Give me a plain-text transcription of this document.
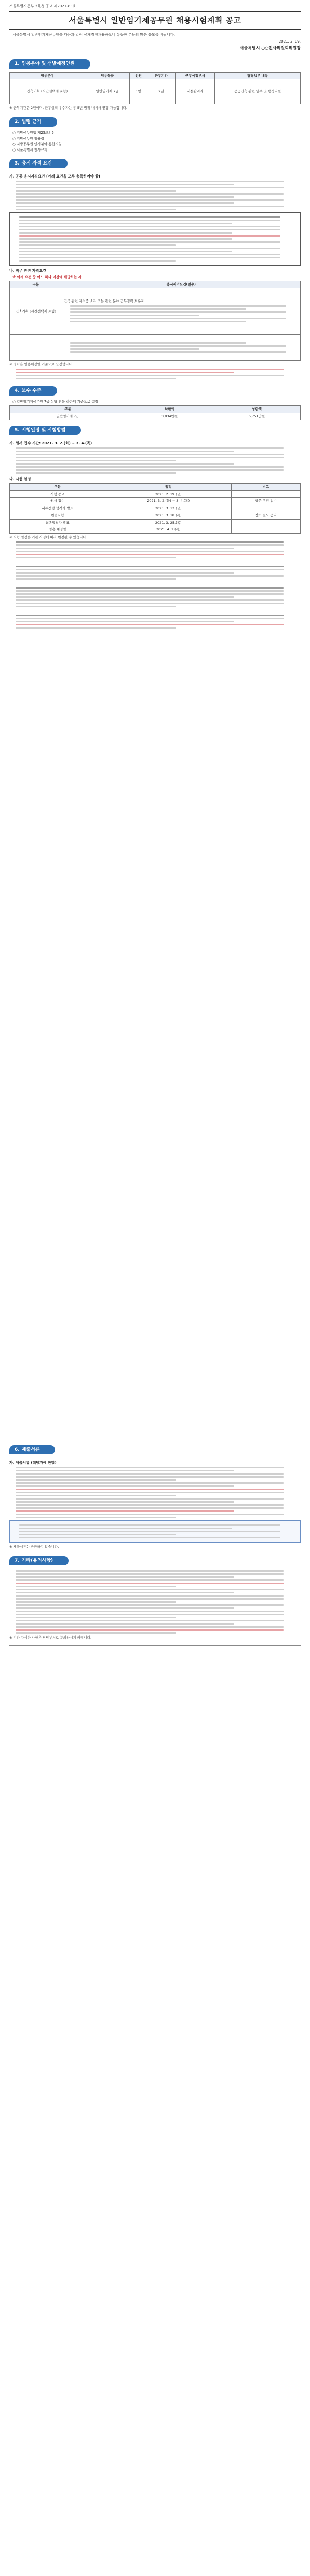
서울특별시동부교육청 공고 제2021-83호
서울특별시 일반임기제공무원 채용시험계획 공고
서울특별시 일반임기제공무원을 다음과 같이 공개경쟁채용하오니 유능한 분들의 많은 응모를 바랍니다.
2021. 2. 19.
서울특별시 ○○인사위원회위원장
1. 임용분야 및 선발예정인원
임용분야	임용등급	인원	근무기간	근무예정부서	담당업무 내용
건축기획 (시간선택제 포함)	일반임기제 7급	1명	2년	시설관리과	공공건축 관련 업무 및 행정지원
※ 근무기간은 2년이며, 근무실적 우수자는 총 5년 범위 내에서 연장 가능합니다.
2. 법령 근거
○ 지방공무원법 제25조의5
○ 지방공무원 임용령
○ 지방공무원 인사분야 통합지침
○ 서울특별시 인사규칙
3. 응시 자격 요건
가. 공통 응시자격요건 (아래 요건을 모두 충족하여야 함)
나. 직무 관련 자격요건
※ 아래 요건 중 어느 하나 이상에 해당하는 자
구분	응시자격요건(필수)
건축기획 (시간선택제 포함)	건축 관련 자격증 소지 또는 관련 분야 근무경력 보유자

※ 경력은 임용예정일 기준으로 산정합니다.
4. 보수 수준
○ 일반임기제공무원 7급 상당 연봉 하한액 기준으로 결정
구분	하한액	상한액
일반임기제 7급	3,834만원	5,751만원
5. 시험일정 및 시험방법
가. 원서 접수 기간: 2021. 3. 2.(화) ~ 3. 4.(목)
나. 시험 일정
구분	일정	비고
시험 공고	2021. 2. 19.(금)	
원서 접수	2021. 3. 2.(화) ~ 3. 4.(목)	방문·우편 접수
서류전형 합격자 발표	2021. 3. 12.(금)	
면접시험	2021. 3. 18.(목)	장소 별도 공지
최종합격자 발표	2021. 3. 25.(목)	
임용 예정일	2021. 4. 1.(목)	
※ 시험 일정은 기관 사정에 따라 변경될 수 있습니다.
6. 제출서류
가. 제출서류 (해당자에 한함)
※ 제출서류는 반환하지 않습니다.
7. 기타(유의사항)
※ 기타 자세한 사항은 담당부서로 문의하시기 바랍니다.
